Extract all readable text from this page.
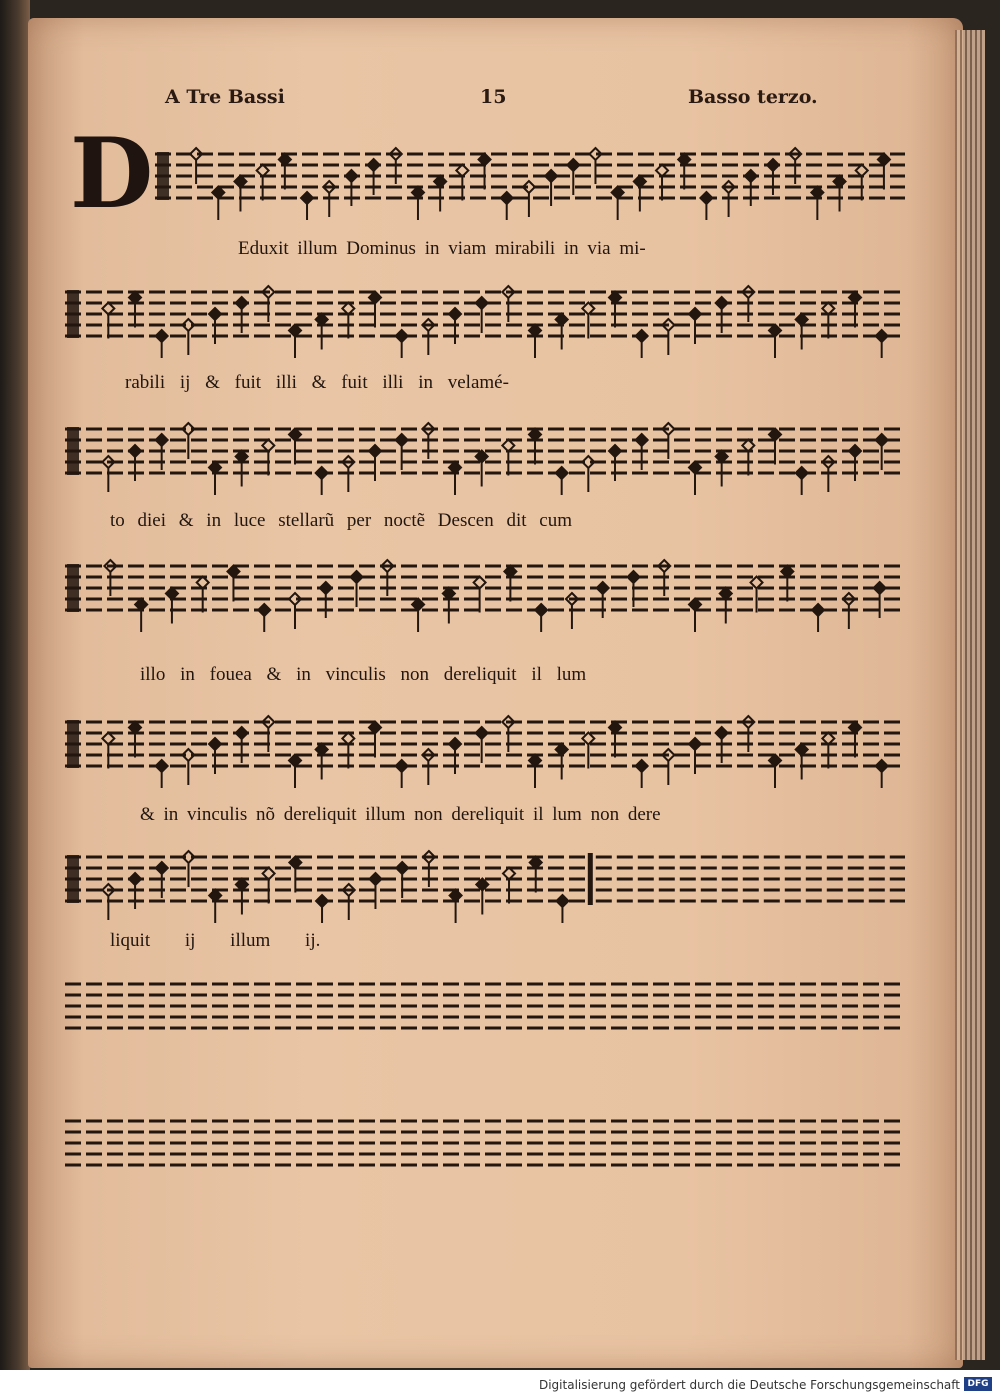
A Tre Bassi	15	Basso terzo.
D
Eduxit illum Dominus in viam mirabili in via mi-
rabili ij & fuit illi & fuit illi in velamé-
to diei & in luce stellarũ per noctẽ Descen dit cum
illo in fouea & in vinculis non dereliquit il lum
& in vinculis nõ dereliquit illum non dereliquit il lum non dere
liquit ij illum ij.
Digitalisierung gefördert durch die Deutsche Forschungsgemeinschaft DFG
